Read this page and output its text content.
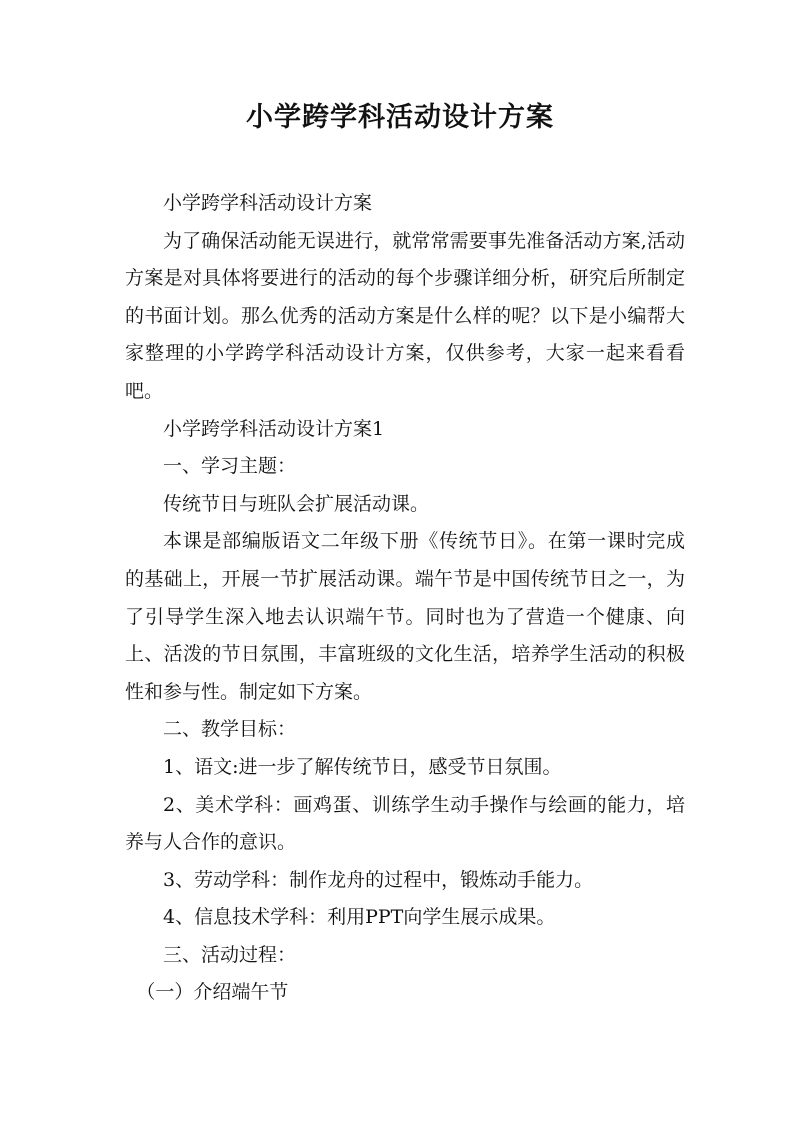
小学跨学科活动设计方案

小学跨学科活动设计方案

为了确保活动能无误进行，就常常需要事先准备活动方案,活动方案是对具体将要进行的活动的每个步骤详细分析，研究后所制定的书面计划。那么优秀的活动方案是什么样的呢？以下是小编帮大家整理的小学跨学科活动设计方案，仅供参考，大家一起来看看吧。

小学跨学科活动设计方案1

一、学习主题：

传统节日与班队会扩展活动课。

本课是部编版语文二年级下册《传统节日》。在第一课时完成的基础上，开展一节扩展活动课。端午节是中国传统节日之一，为了引导学生深入地去认识端午节。同时也为了营造一个健康、向上、活泼的节日氛围，丰富班级的文化生活，培养学生活动的积极性和参与性。制定如下方案。

二、教学目标：

1、语文:进一步了解传统节日，感受节日氛围。

2、美术学科：画鸡蛋、训练学生动手操作与绘画的能力，培养与人合作的意识。

3、劳动学科：制作龙舟的过程中，锻炼动手能力。

4、信息技术学科：利用PPT向学生展示成果。

三、活动过程：

（一）介绍端午节
